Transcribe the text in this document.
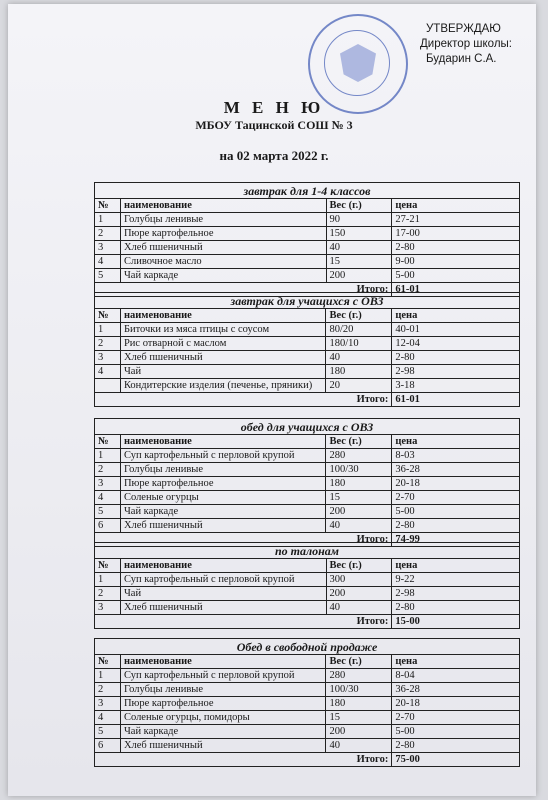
УТВЕРЖДАЮ
Директор школы:
Бударин С.А.
М Е Н Ю
МБОУ Тацинской СОШ № 3
на 02 марта 2022 г.
завтрак для 1-4 классов			
№	наименование	Вес (г.)	цена
1	Голубцы ленивые	90	27-21
2	Пюре картофельное	150	17-00
3	Хлеб пшеничный	40	2-80
4	Сливочное масло	15	9-00
5	Чай каркаде	200	5-00
Итого:			61-01
завтрак для учащихся с ОВЗ			
№	наименование	Вес (г.)	цена
1	Биточки из мяса птицы с соусом	80/20	40-01
2	Рис отварной с маслом	180/10	12-04
3	Хлеб пшеничный	40	2-80
4	Чай	180	2-98
	Кондитерские изделия (печенье, пряники)	20	3-18
Итого:			61-01
обед для учащихся с ОВЗ			
№	наименование	Вес (г.)	цена
1	Суп картофельный с перловой крупой	280	8-03
2	Голубцы ленивые	100/30	36-28
3	Пюре картофельное	180	20-18
4	Соленые огурцы	15	2-70
5	Чай каркаде	200	5-00
6	Хлеб пшеничный	40	2-80
Итого:			74-99
по талонам			
№	наименование	Вес (г.)	цена
1	Суп картофельный с перловой крупой	300	9-22
2	Чай	200	2-98
3	Хлеб пшеничный	40	2-80
Итого:			15-00
Обед в свободной продаже			
№	наименование	Вес (г.)	цена
1	Суп картофельный с перловой крупой	280	8-04
2	Голубцы ленивые	100/30	36-28
3	Пюре картофельное	180	20-18
4	Соленые огурцы, помидоры	15	2-70
5	Чай каркаде	200	5-00
6	Хлеб пшеничный	40	2-80
Итого:			75-00
